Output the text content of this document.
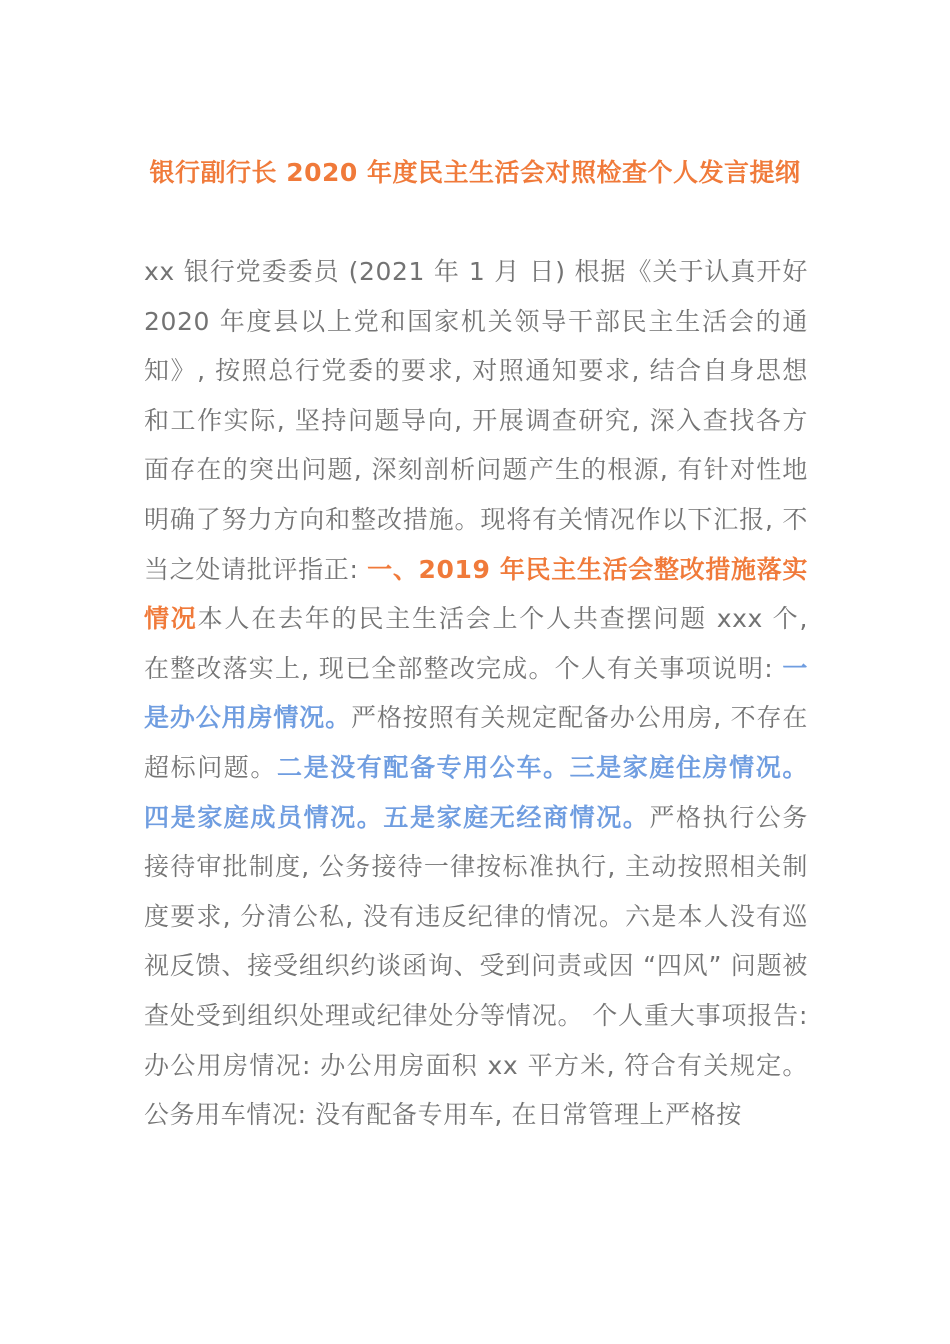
银行副行长 2020 年度民主生活会对照检查个人发言提纲
xx 银行党委委员 (2021 年 1 月 日) 根据《关于认真开好 2020 年度县以上党和国家机关领导干部民主生活会的通知》, 按照总行党委的要求, 对照通知要求, 结合自身思想和工作实际, 坚持问题导向, 开展调查研究, 深入查找各方面存在的突出问题, 深刻剖析问题产生的根源, 有针对性地明确了努力方向和整改措施。现将有关情况作以下汇报, 不当之处请批评指正: 一、2019 年民主生活会整改措施落实情况本人在去年的民主生活会上个人共查摆问题 xxx 个, 在整改落实上, 现已全部整改完成。个人有关事项说明: 一是办公用房情况。严格按照有关规定配备办公用房, 不存在超标问题。二是没有配备专用公车。三是家庭住房情况。四是家庭成员情况。五是家庭无经商情况。严格执行公务接待审批制度, 公务接待一律按标准执行, 主动按照相关制度要求, 分清公私, 没有违反纪律的情况。六是本人没有巡视反馈、接受组织约谈函询、受到问责或因 “四风” 问题被查处受到组织处理或纪律处分等情况。 个人重大事项报告: 办公用房情况: 办公用房面积 xx 平方米, 符合有关规定。公务用车情况: 没有配备专用车, 在日常管理上严格按
